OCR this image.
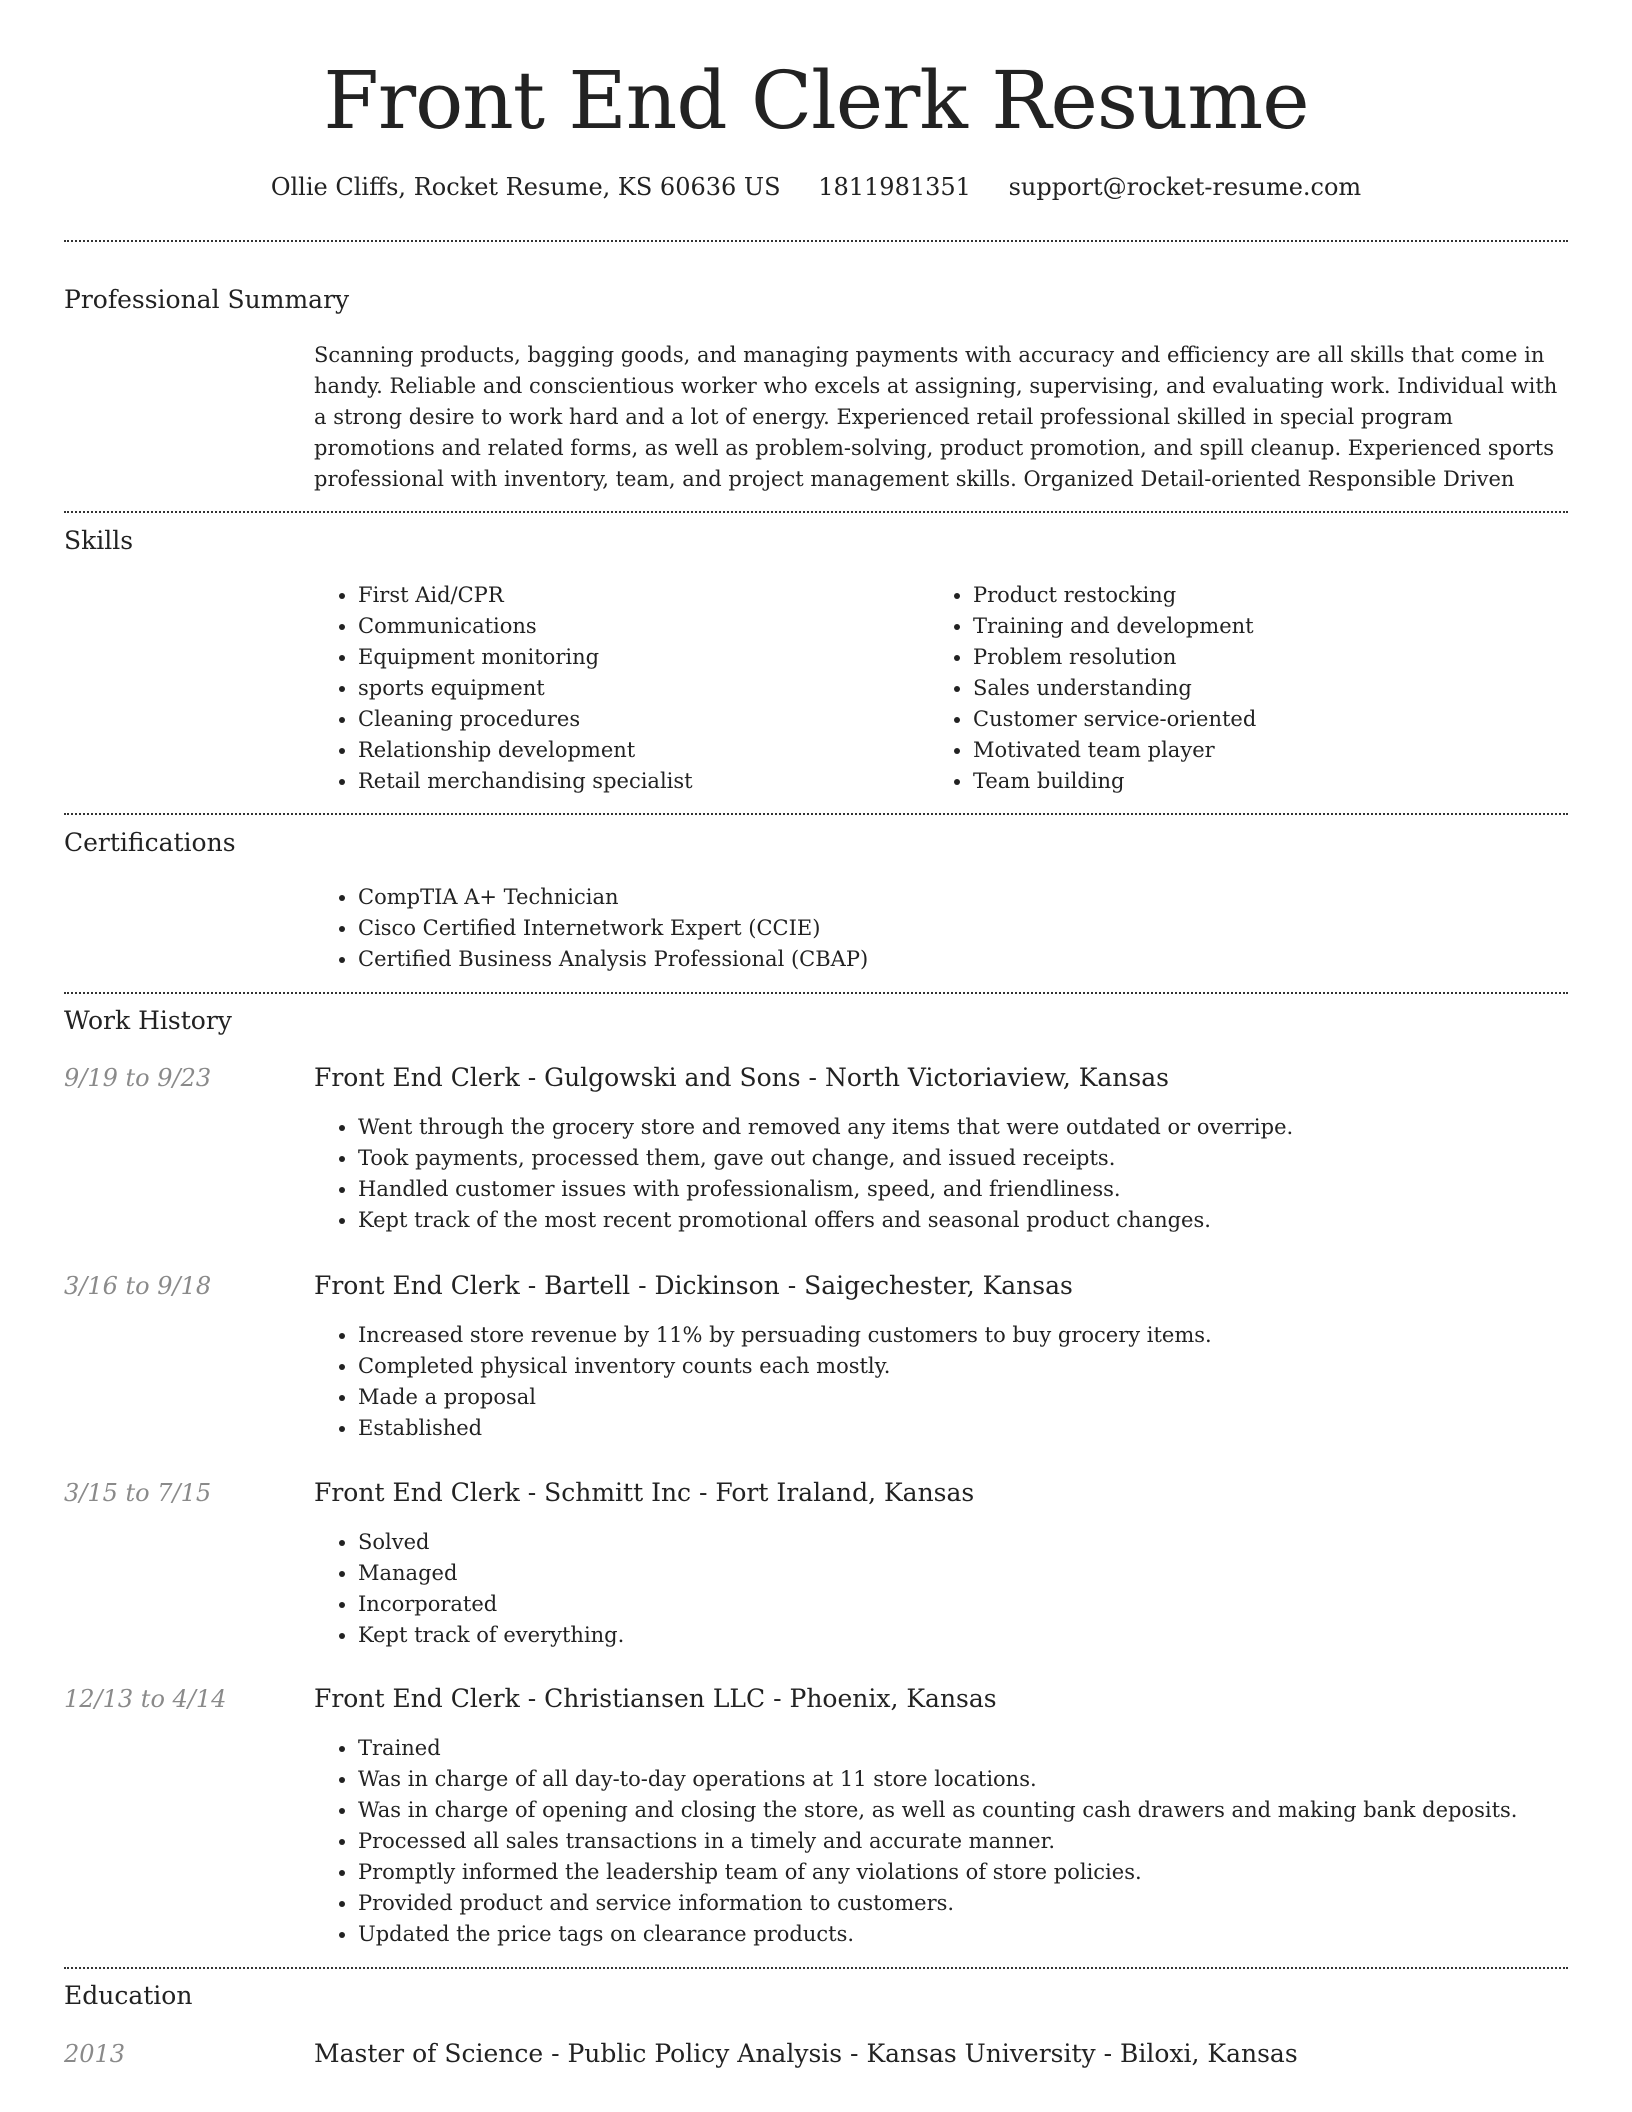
Front End Clerk Resume
Ollie Cliffs, Rocket Resume, KS 60636 US 1811981351 support@rocket-resume.com
Professional Summary

Scanning products, bagging goods, and managing payments with accuracy and efficiency are all skills that come in handy. Reliable and conscientious worker who excels at assigning, supervising, and evaluating work. Individual with a strong desire to work hard and a lot of energy. Experienced retail professional skilled in special program promotions and related forms, as well as problem-solving, product promotion, and spill cleanup. Experienced sports professional with inventory, team, and project management skills. Organized Detail-oriented Responsible Driven

Skills
• First Aid/CPR
• Communications
• Equipment monitoring
• sports equipment
• Cleaning procedures
• Relationship development
• Retail merchandising specialist
• Product restocking
• Training and development
• Problem resolution
• Sales understanding
• Customer service-oriented
• Motivated team player
• Team building
Certifications
• CompTIA A+ Technician
• Cisco Certified Internetwork Expert (CCIE)
• Certified Business Analysis Professional (CBAP)
Work History
9/19 to 9/23	Front End Clerk - Gulgowski and Sons - North Victoriaview, Kansas
• Went through the grocery store and removed any items that were outdated or overripe.
• Took payments, processed them, gave out change, and issued receipts.
• Handled customer issues with professionalism, speed, and friendliness.
• Kept track of the most recent promotional offers and seasonal product changes.
3/16 to 9/18	Front End Clerk - Bartell - Dickinson - Saigechester, Kansas
• Increased store revenue by 11% by persuading customers to buy grocery items.
• Completed physical inventory counts each mostly.
• Made a proposal
• Established
3/15 to 7/15	Front End Clerk - Schmitt Inc - Fort Iraland, Kansas
• Solved
• Managed
• Incorporated
• Kept track of everything.
12/13 to 4/14	Front End Clerk - Christiansen LLC - Phoenix, Kansas
• Trained
• Was in charge of all day-to-day operations at 11 store locations.
• Was in charge of opening and closing the store, as well as counting cash drawers and making bank deposits.
• Processed all sales transactions in a timely and accurate manner.
• Promptly informed the leadership team of any violations of store policies.
• Provided product and service information to customers.
• Updated the price tags on clearance products.
Education
2013	Master of Science - Public Policy Analysis - Kansas University - Biloxi, Kansas
